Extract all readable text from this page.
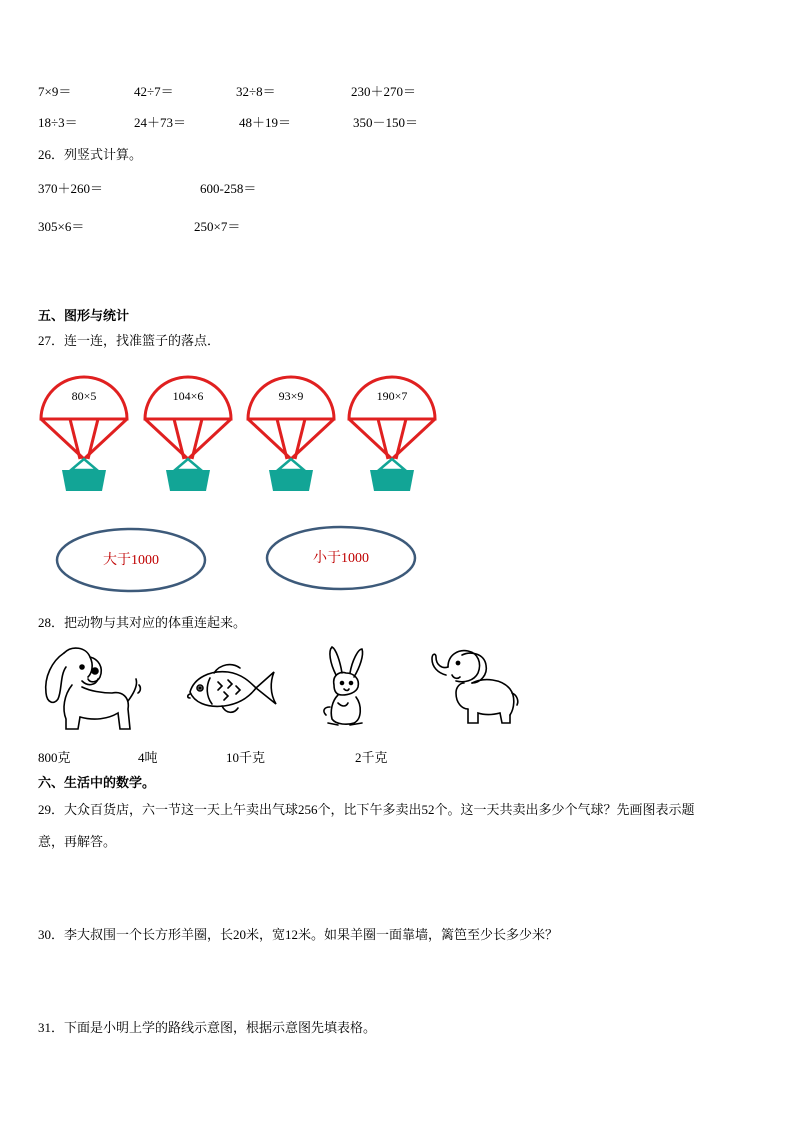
7×9＝	42÷7＝	32÷8＝	230＋270＝
18÷3＝	24＋73＝	48＋19＝	350－150＝
26．列竖式计算。
370＋260＝	600-258＝
305×6＝	250×7＝
五、图形与统计
27．连一连，找准篮子的落点．
80×5	104×6	93×9	190×7
大于1000	小于1000
28．把动物与其对应的体重连起来。
800克	4吨	10千克	2千克
六、生活中的数学。
29．大众百货店，六一节这一天上午卖出气球256个，比下午多卖出52个。这一天共卖出多少个气球？先画图表示题
意，再解答。
30．李大叔围一个长方形羊圈，长20米，宽12米。如果羊圈一面靠墙，篱笆至少长多少米？
31．下面是小明上学的路线示意图，根据示意图先填表格。
